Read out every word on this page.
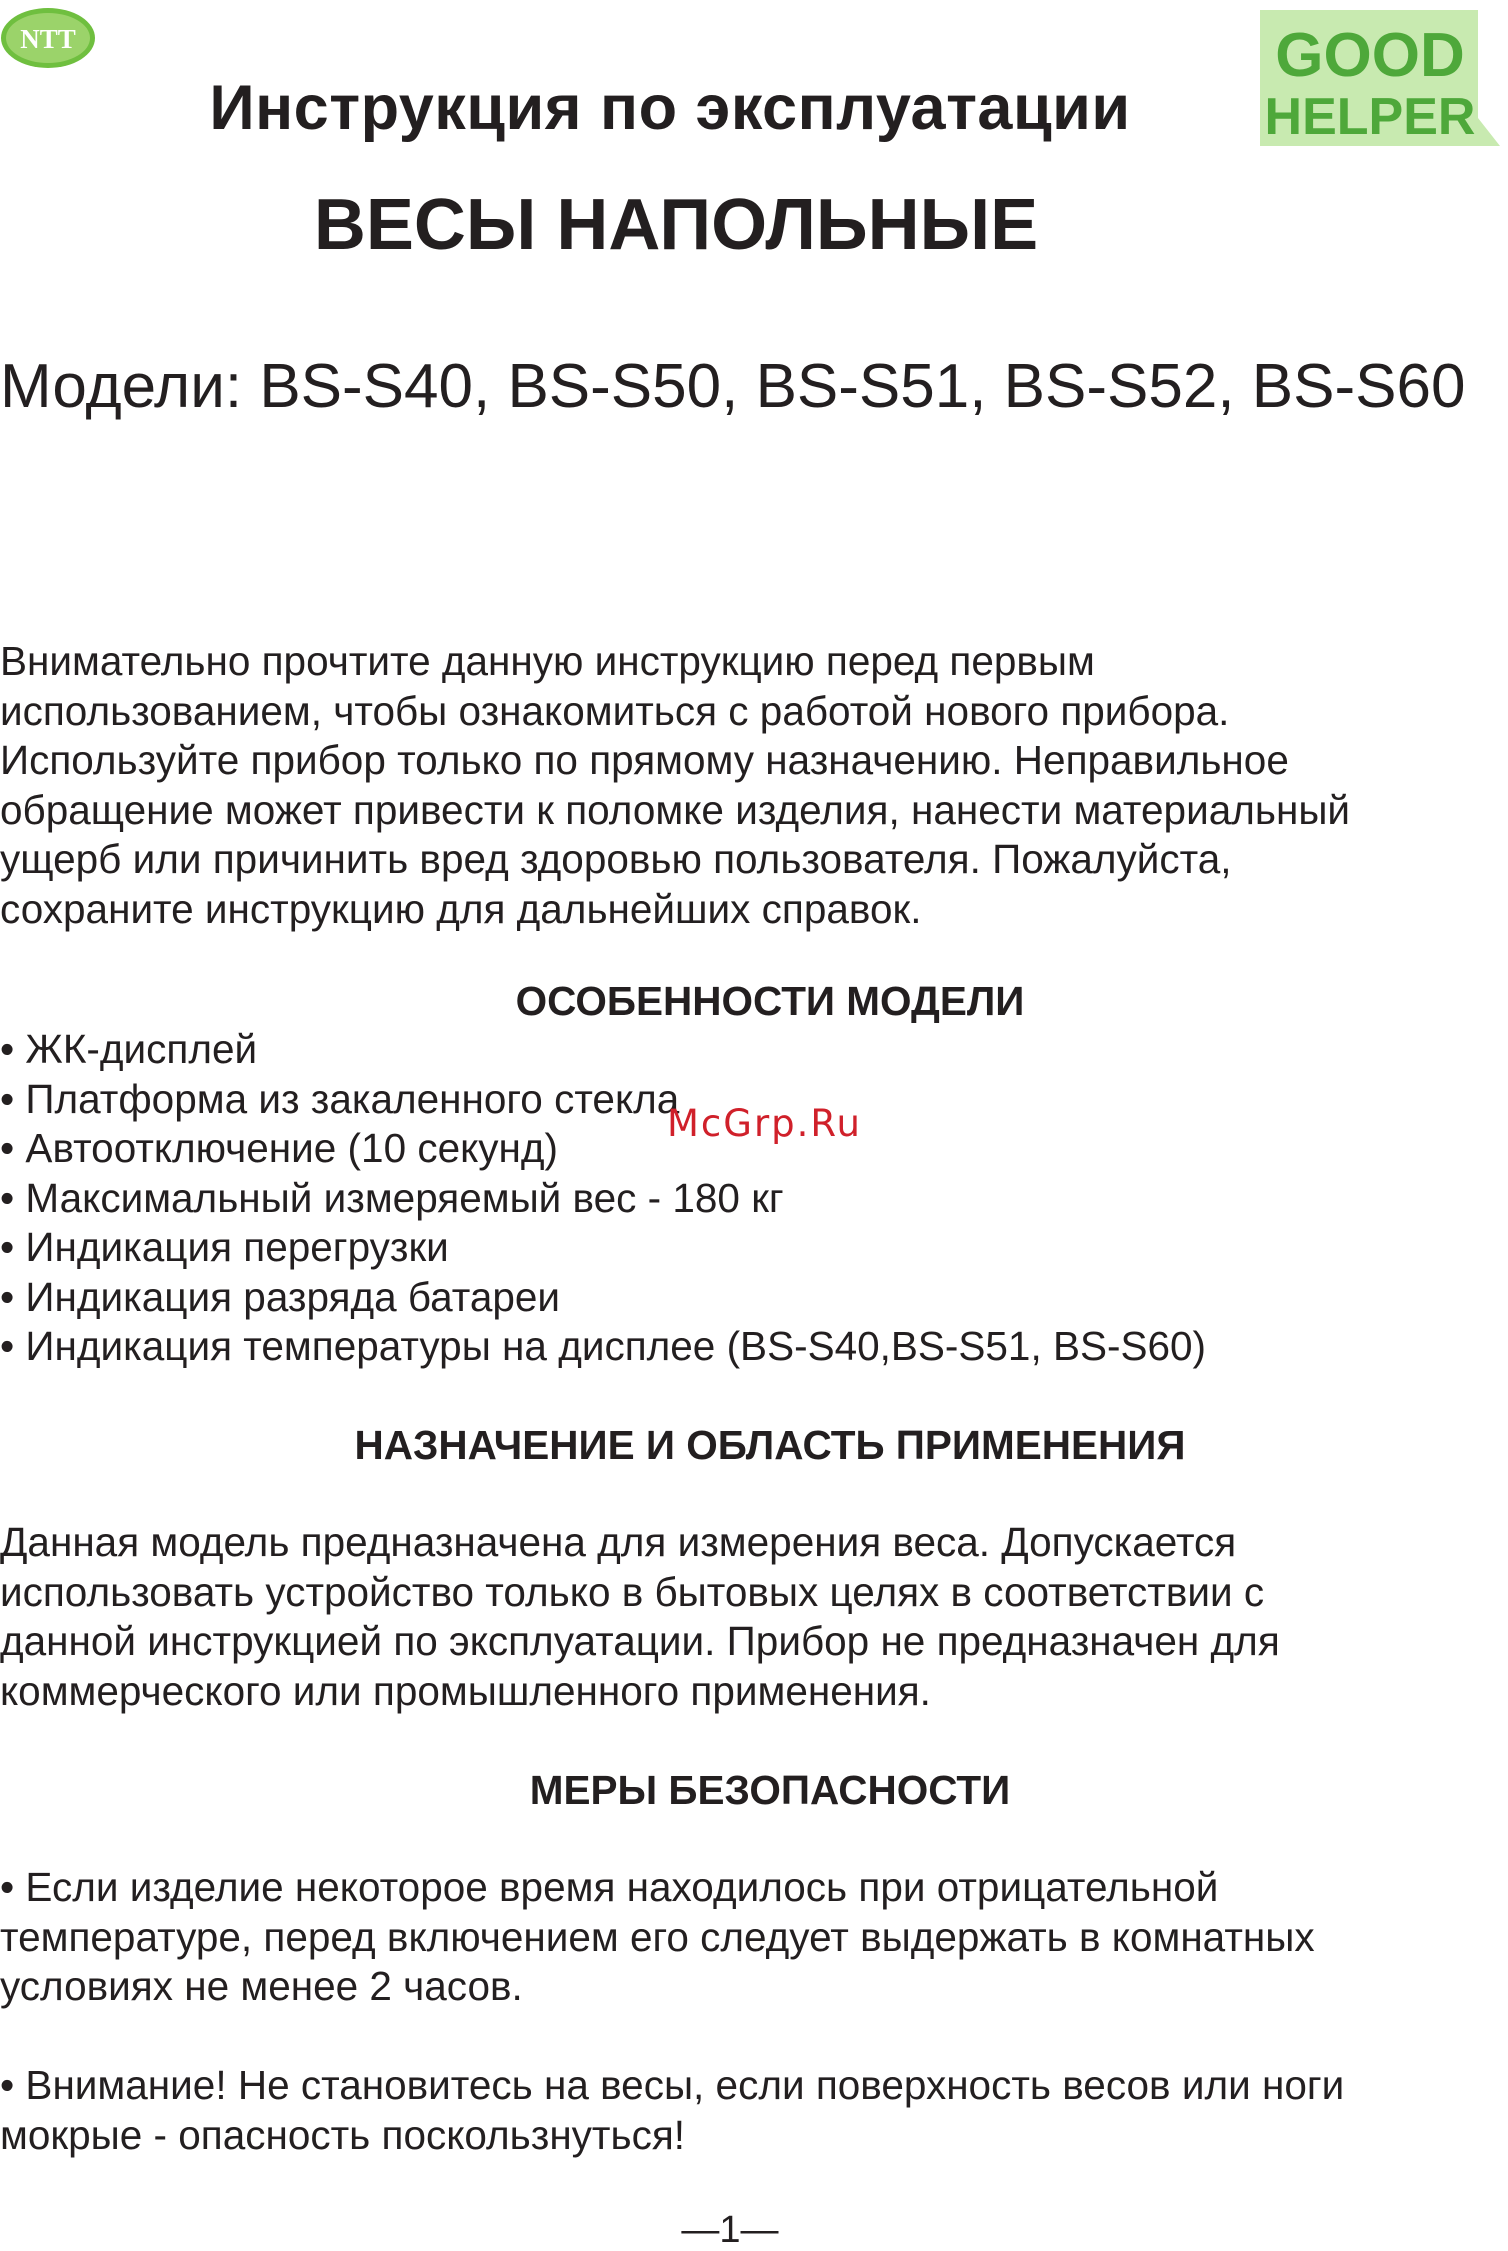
NTT	GOOD
HELPER
Инструкция по эксплуатации
ВЕСЫ НАПОЛЬНЫЕ
Модели: BS-S40, BS-S50, BS-S51, BS-S52, BS-S60

Внимательно прочтите данную инструкцию перед первым

использованием, чтобы ознакомиться с работой нового прибора.

Используйте прибор только по прямому назначению. Неправильное

обращение может привести к поломке изделия, нанести материальный

ущерб или причинить вред здоровью пользователя. Пожалуйста,

сохраните инструкцию для дальнейших справок.

ОСОБЕННОСТИ МОДЕЛИ
• ЖК-дисплей
• Платформа из закаленного стекла
• Автоотключение (10 секунд)
• Максимальный измеряемый вес - 180 кг
• Индикация перегрузки
• Индикация разряда батареи
• Индикация температуры на дисплее (BS-S40,BS-S51, BS-S60)
McGrp.Ru
НАЗНАЧЕНИЕ И ОБЛАСТЬ ПРИМЕНЕНИЯ

Данная модель предназначена для измерения веса. Допускается

использовать устройство только в бытовых целях в соответствии с

данной инструкцией по эксплуатации. Прибор не предназначен для

коммерческого или промышленного применения.

МЕРЫ БЕЗОПАСНОСТИ

• Если изделие некоторое время находилось при отрицательной

температуре, перед включением его следует выдержать в комнатных

условиях не менее 2 часов.

• Внимание! Не становитесь на весы, если поверхность весов или ноги

мокрые - опасность поскользнуться!

—1—
